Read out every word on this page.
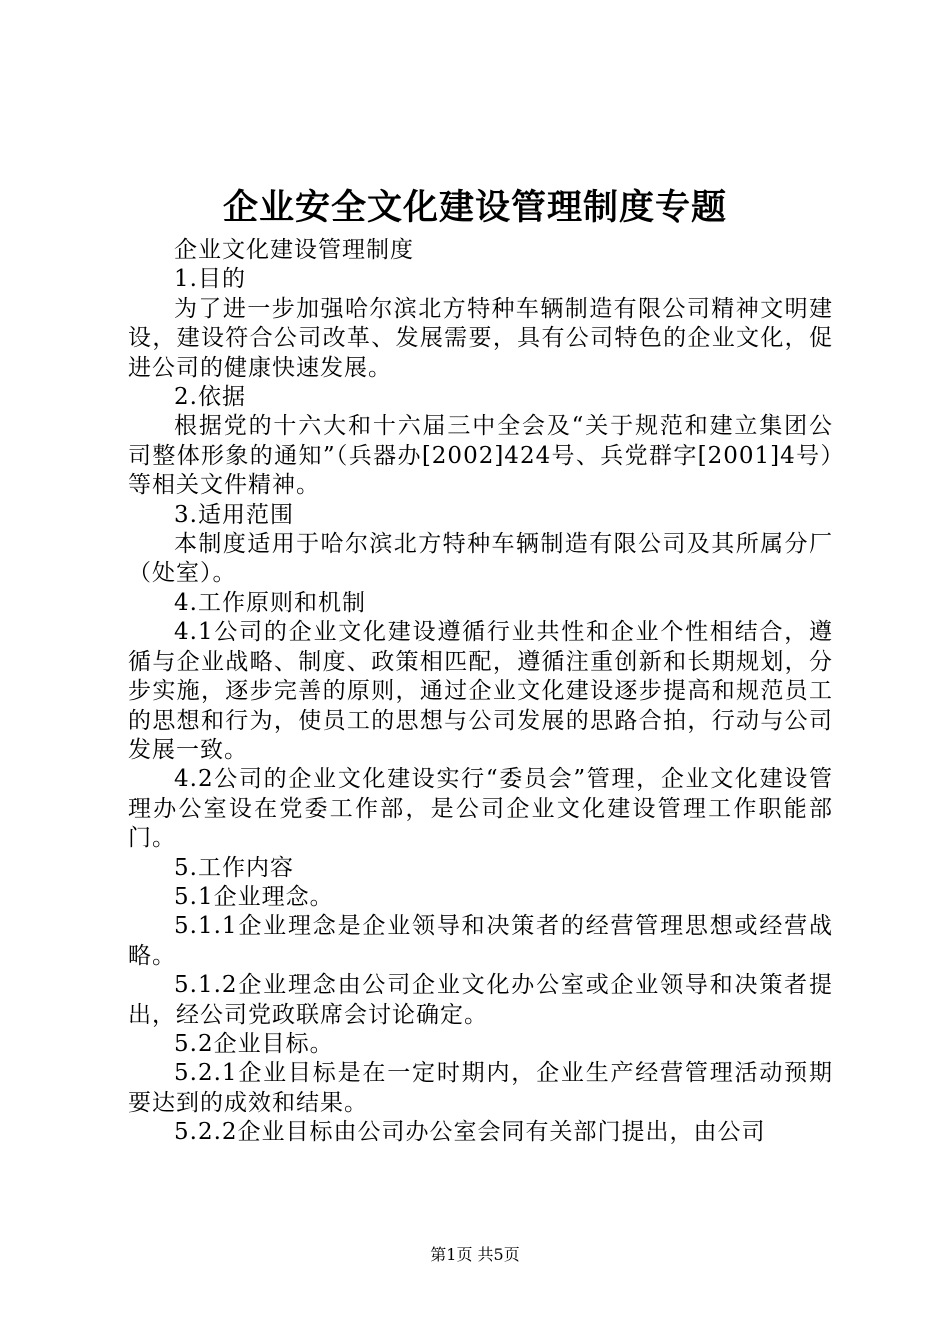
企业安全文化建设管理制度专题

企业文化建设管理制度

1.目的

为了进一步加强哈尔滨北方特种车辆制造有限公司精神文明建设，建设符合公司改革、发展需要，具有公司特色的企业文化，促进公司的健康快速发展。

2.依据

根据党的十六大和十六届三中全会及“关于规范和建立集团公司整体形象的通知”（兵器办[2002]424号、兵党群字[2001]4号）等相关文件精神。

3.适用范围

本制度适用于哈尔滨北方特种车辆制造有限公司及其所属分厂（处室）。

4.工作原则和机制

4.1公司的企业文化建设遵循行业共性和企业个性相结合，遵循与企业战略、制度、政策相匹配，遵循注重创新和长期规划，分步实施，逐步完善的原则，通过企业文化建设逐步提高和规范员工的思想和行为，使员工的思想与公司发展的思路合拍，行动与公司发展一致。

4.2公司的企业文化建设实行“委员会”管理，企业文化建设管理办公室设在党委工作部，是公司企业文化建设管理工作职能部门。

5.工作内容

5.1企业理念。

5.1.1企业理念是企业领导和决策者的经营管理思想或经营战略。

5.1.2企业理念由公司企业文化办公室或企业领导和决策者提出，经公司党政联席会讨论确定。

5.2企业目标。

5.2.1企业目标是在一定时期内，企业生产经营管理活动预期要达到的成效和结果。

5.2.2企业目标由公司办公室会同有关部门提出，由公司

第1页 共5页
